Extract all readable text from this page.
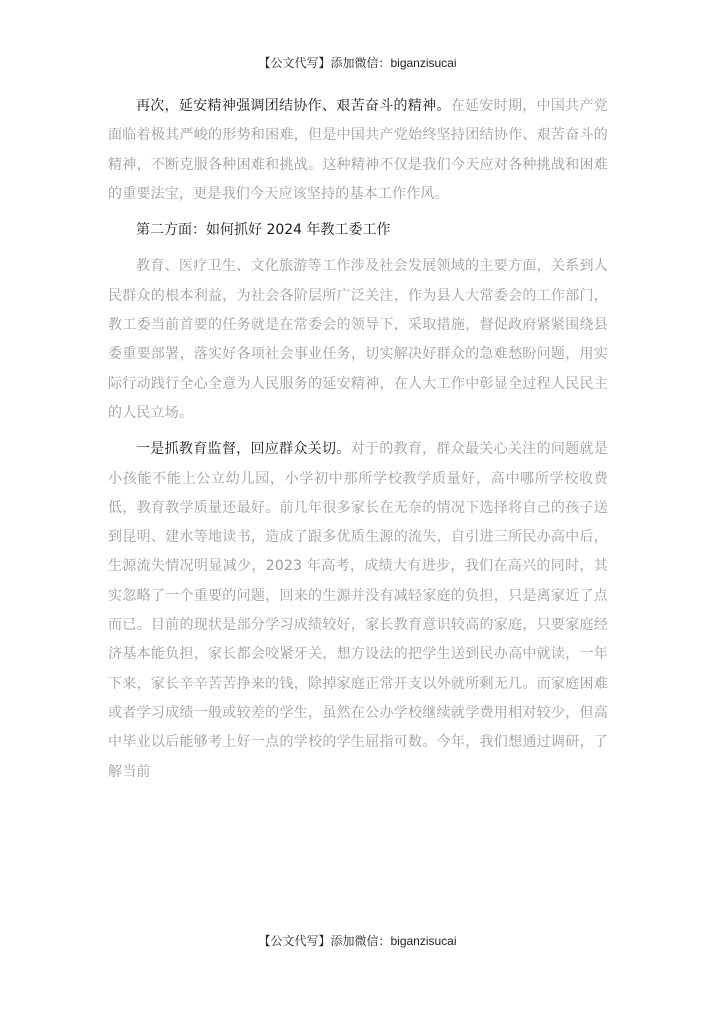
【公文代写】添加微信：biganzisucai

再次，延安精神强调团结协作、艰苦奋斗的精神。在延安时期，中国共产党面临着极其严峻的形势和困难，但是中国共产党始终坚持团结协作、艰苦奋斗的精神，不断克服各种困难和挑战。这种精神不仅是我们今天应对各种挑战和困难的重要法宝，更是我们今天应该坚持的基本工作作风。

第二方面：如何抓好 2024 年教工委工作

教育、医疗卫生、文化旅游等工作涉及社会发展领域的主要方面，关系到人民群众的根本利益，为社会各阶层所广泛关注，作为县人大常委会的工作部门，教工委当前首要的任务就是在常委会的领导下，采取措施，督促政府紧紧围绕县委重要部署，落实好各项社会事业任务，切实解决好群众的急难愁盼问题，用实际行动践行全心全意为人民服务的延安精神，在人大工作中彰显全过程人民民主的人民立场。

一是抓教育监督，回应群众关切。对于的教育，群众最关心关注的问题就是小孩能不能上公立幼儿园，小学初中那所学校教学质量好，高中哪所学校收费低，教育教学质量还最好。前几年很多家长在无奈的情况下选择将自己的孩子送到昆明、建水等地读书，造成了跟多优质生源的流失，自引进三所民办高中后，生源流失情况明显减少，2023 年高考，成绩大有进步，我们在高兴的同时，其实忽略了一个重要的问题，回来的生源并没有减轻家庭的负担，只是离家近了点而已。目前的现状是部分学习成绩较好，家长教育意识较高的家庭，只要家庭经济基本能负担，家长都会咬紧牙关，想方设法的把学生送到民办高中就读，一年下来，家长辛辛苦苦挣来的钱，除掉家庭正常开支以外就所剩无几。而家庭困难或者学习成绩一般或较差的学生，虽然在公办学校继续就学费用相对较少，但高中毕业以后能够考上好一点的学校的学生屈指可数。今年，我们想通过调研，了解当前

【公文代写】添加微信：biganzisucai
